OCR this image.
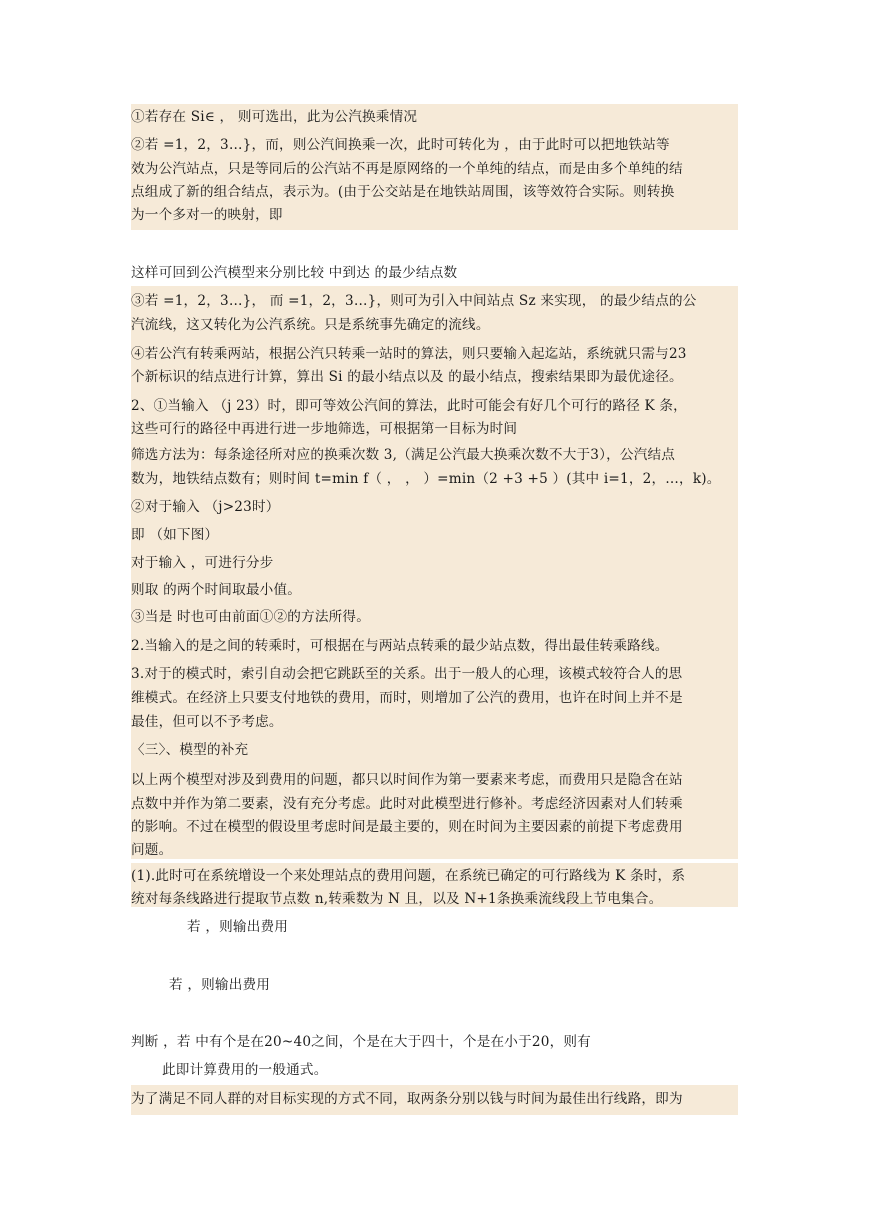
①若存在 Si∈ ， 则可选出，此为公汽换乘情况
②若 =1，2，3…}，而，则公汽间换乘一次，此时可转化为 ，由于此时可以把地铁站等
效为公汽站点，只是等同后的公汽站不再是原网络的一个单纯的结点，而是由多个单纯的结
点组成了新的组合结点，表示为。(由于公交站是在地铁站周围，该等效符合实际。则转换
为一个多对一的映射，即
这样可回到公汽模型来分别比较 中到达 的最少结点数
③若 =1，2，3…}， 而 =1，2，3…}，则可为引入中间站点 Sz 来实现， 的最少结点的公
汽流线，这又转化为公汽系统。只是系统事先确定的流线。
④若公汽有转乘两站，根据公汽只转乘一站时的算法，则只要输入起迄站，系统就只需与23
个新标识的结点进行计算，算出 Si 的最小结点以及 的最小结点，搜索结果即为最优途径。
2、①当输入 （j 23）时，即可等效公汽间的算法，此时可能会有好几个可行的路径 K 条，
这些可行的路径中再进行进一步地筛选，可根据第一目标为时间
筛选方法为：每条途径所对应的换乘次数 3,（满足公汽最大换乘次数不大于3），公汽结点
数为，地铁结点数有；则时间 t=min f（ ， ， ）=min（2 +3 +5 ）(其中 i=1，2，…，k)。
②对于输入 （j>23时）
即 （如下图）
对于输入 ，可进行分步
则取 的两个时间取最小值。
③当是 时也可由前面①②的方法所得。
2.当输入的是之间的转乘时，可根据在与两站点转乘的最少站点数，得出最佳转乘路线。
3.对于的模式时，索引自动会把它跳跃至的关系。出于一般人的心理，该模式较符合人的思
维模式。在经济上只要支付地铁的费用，而时，则增加了公汽的费用，也许在时间上并不是
最佳，但可以不予考虑。
〈三〉、模型的补充
以上两个模型对涉及到费用的问题，都只以时间作为第一要素来考虑，而费用只是隐含在站
点数中并作为第二要素，没有充分考虑。此时对此模型进行修补。考虑经济因素对人们转乘
的影响。不过在模型的假设里考虑时间是最主要的，则在时间为主要因素的前提下考虑费用
问题。
(1).此时可在系统增设一个来处理站点的费用问题，在系统已确定的可行路线为 K 条时，系
统对每条线路进行提取节点数 n,转乘数为 N 且，以及 N+1条换乘流线段上节电集合。
若 ，则输出费用
若 ，则输出费用
判断 ，若 中有个是在20~40之间，个是在大于四十，个是在小于20，则有
此即计算费用的一般通式。
为了满足不同人群的对目标实现的方式不同，取两条分别以钱与时间为最佳出行线路，即为
